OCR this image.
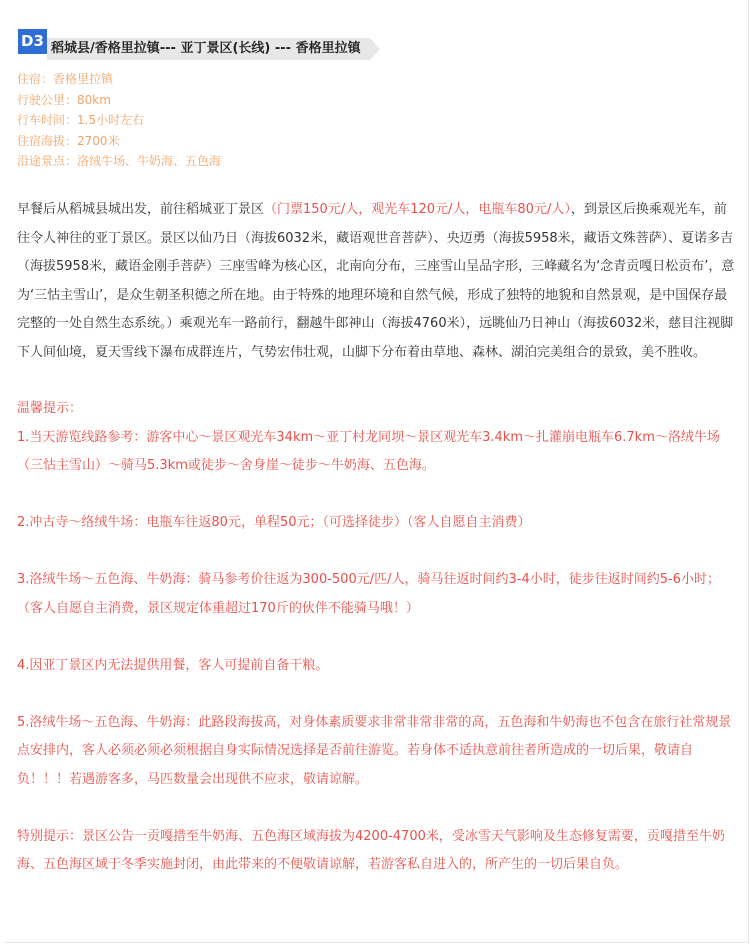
D3 稻城县/香格里拉镇--- 亚丁景区(长线) --- 香格里拉镇
住宿：香格里拉镇
行驶公里：80km
行车时间：1.5小时左右
住宿海拔：2700米
沿途景点：洛绒牛场、牛奶海、五色海

早餐后从稻城县城出发，前往稻城亚丁景区（门票150元/人，观光车120元/人，电瓶车80元/人），到景区后换乘观光车，前往令人神往的亚丁景区。景区以仙乃日（海拔6032米，藏语观世音菩萨）、央迈勇（海拔5958米，藏语文殊菩萨）、夏诺多吉（海拔5958米，藏语金刚手菩萨）三座雪峰为核心区，北南向分布，三座雪山呈品字形，三峰藏名为‘念青贡嘎日松贡布’，意为‘三怙主雪山’，是众生朝圣积德之所在地。由于特殊的地理环境和自然气候，形成了独特的地貌和自然景观，是中国保存最完整的一处自然生态系统。）乘观光车一路前行，翻越牛郎神山（海拔4760米），远眺仙乃日神山（海拔6032米，慈目注视脚下人间仙境，夏天雪线下瀑布成群连片，气势宏伟壮观，山脚下分布着由草地、森林、湖泊完美组合的景致，美不胜收。

温馨提示：
1.当天游览线路参考：游客中心～景区观光车34km～亚丁村龙同坝～景区观光车3.4km～扎灌崩电瓶车6.7km～洛绒牛场（三怙主雪山）～骑马5.3km或徒步～舍身崖～徒步～牛奶海、五色海。
2.冲古寺～络绒牛场：电瓶车往返80元，单程50元；（可选择徒步）（客人自愿自主消费）
3.洛绒牛场～五色海、牛奶海：骑马参考价往返为300-500元/匹/人，骑马往返时间约3-4小时，徒步往返时间约5-6小时；（客人自愿自主消费，景区规定体重超过170斤的伙伴不能骑马哦！）
4.因亚丁景区内无法提供用餐，客人可提前自备干粮。
5.洛绒牛场～五色海、牛奶海：此路段海拔高，对身体素质要求非常非常非常的高，五色海和牛奶海也不包含在旅行社常规景点安排内，客人必须必须必须根据自身实际情况选择是否前往游览。若身体不适执意前往者所造成的一切后果，敬请自负！！！若遇游客多，马匹数量会出现供不应求，敬请谅解。
特别提示：景区公告一贡嘎措至牛奶海、五色海区域海拔为4200-4700米，受冰雪天气影响及生态修复需要，贡嘎措至牛奶海、五色海区域于冬季实施封闭，由此带来的不便敬请谅解，若游客私自进入的，所产生的一切后果自负。
